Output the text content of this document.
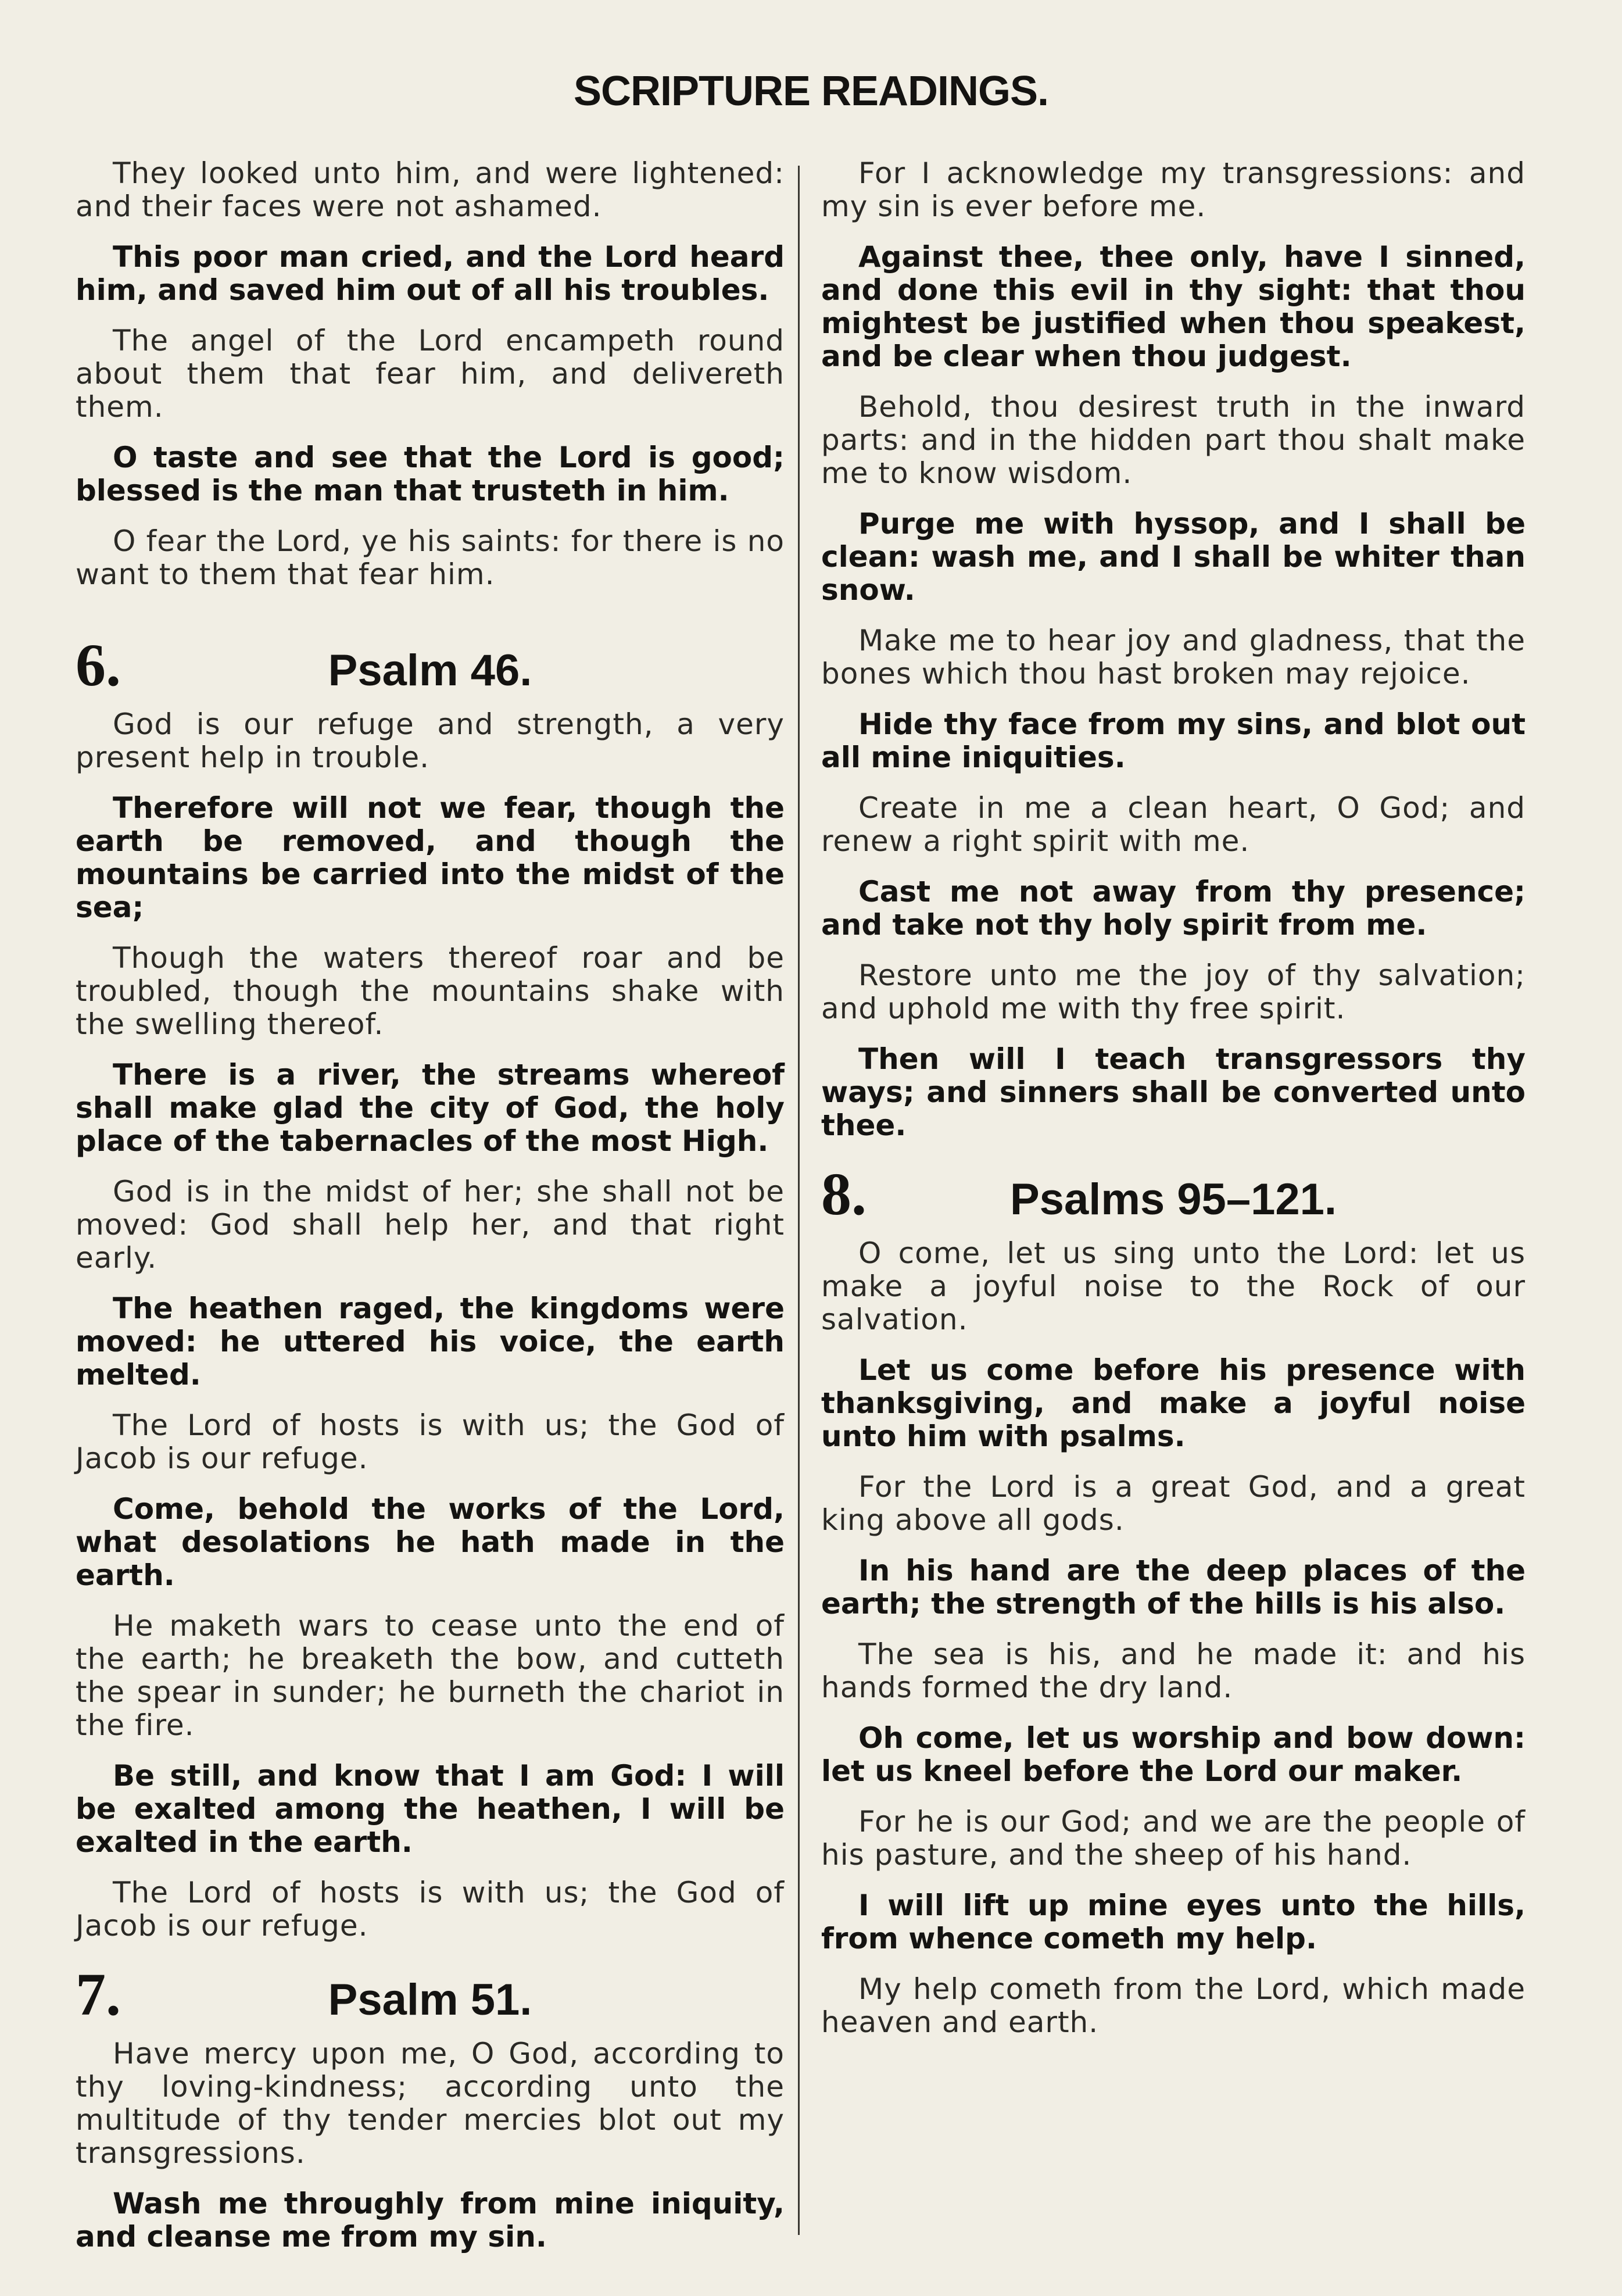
SCRIPTURE READINGS.

They looked unto him, and were lightened: and their faces were not ashamed.

This poor man cried, and the Lord heard him, and saved him out of all his troubles.

The angel of the Lord encampeth round about them that fear him, and delivereth them.

O taste and see that the Lord is good; blessed is the man that trusteth in him.

O fear the Lord, ye his saints: for there is no want to them that fear him.

6.	Psalm 46.

God is our refuge and strength, a very present help in trouble.

Therefore will not we fear, though the earth be removed, and though the mountains be carried into the midst of the sea;

Though the waters thereof roar and be troubled, though the mountains shake with the swelling thereof.

There is a river, the streams whereof shall make glad the city of God, the holy place of the tabernacles of the most High.

God is in the midst of her; she shall not be moved: God shall help her, and that right early.

The heathen raged, the kingdoms were moved: he uttered his voice, the earth melted.

The Lord of hosts is with us; the God of Jacob is our refuge.

Come, behold the works of the Lord, what desolations he hath made in the earth.

He maketh wars to cease unto the end of the earth; he breaketh the bow, and cutteth the spear in sunder; he burneth the chariot in the fire.

Be still, and know that I am God: I will be exalted among the heathen, I will be exalted in the earth.

The Lord of hosts is with us; the God of Jacob is our refuge.

7.	Psalm 51.

Have mercy upon me, O God, according to thy loving-kindness; according unto the multitude of thy tender mercies blot out my transgressions.

Wash me throughly from mine iniquity, and cleanse me from my sin.

For I acknowledge my transgressions: and my sin is ever before me.

Against thee, thee only, have I sinned, and done this evil in thy sight: that thou mightest be justified when thou speakest, and be clear when thou judgest.

Behold, thou desirest truth in the inward parts: and in the hidden part thou shalt make me to know wisdom.

Purge me with hyssop, and I shall be clean: wash me, and I shall be whiter than snow.

Make me to hear joy and gladness, that the bones which thou hast broken may rejoice.

Hide thy face from my sins, and blot out all mine iniquities.

Create in me a clean heart, O God; and renew a right spirit with me.

Cast me not away from thy presence; and take not thy holy spirit from me.

Restore unto me the joy of thy salvation; and uphold me with thy free spirit.

Then will I teach transgressors thy ways; and sinners shall be converted unto thee.

8.	Psalms 95–121.

O come, let us sing unto the Lord: let us make a joyful noise to the Rock of our salvation.

Let us come before his presence with thanksgiving, and make a joyful noise unto him with psalms.

For the Lord is a great God, and a great king above all gods.

In his hand are the deep places of the earth; the strength of the hills is his also.

The sea is his, and he made it: and his hands formed the dry land.

Oh come, let us worship and bow down: let us kneel before the Lord our maker.

For he is our God; and we are the people of his pasture, and the sheep of his hand.

I will lift up mine eyes unto the hills, from whence cometh my help.

My help cometh from the Lord, which made heaven and earth.
